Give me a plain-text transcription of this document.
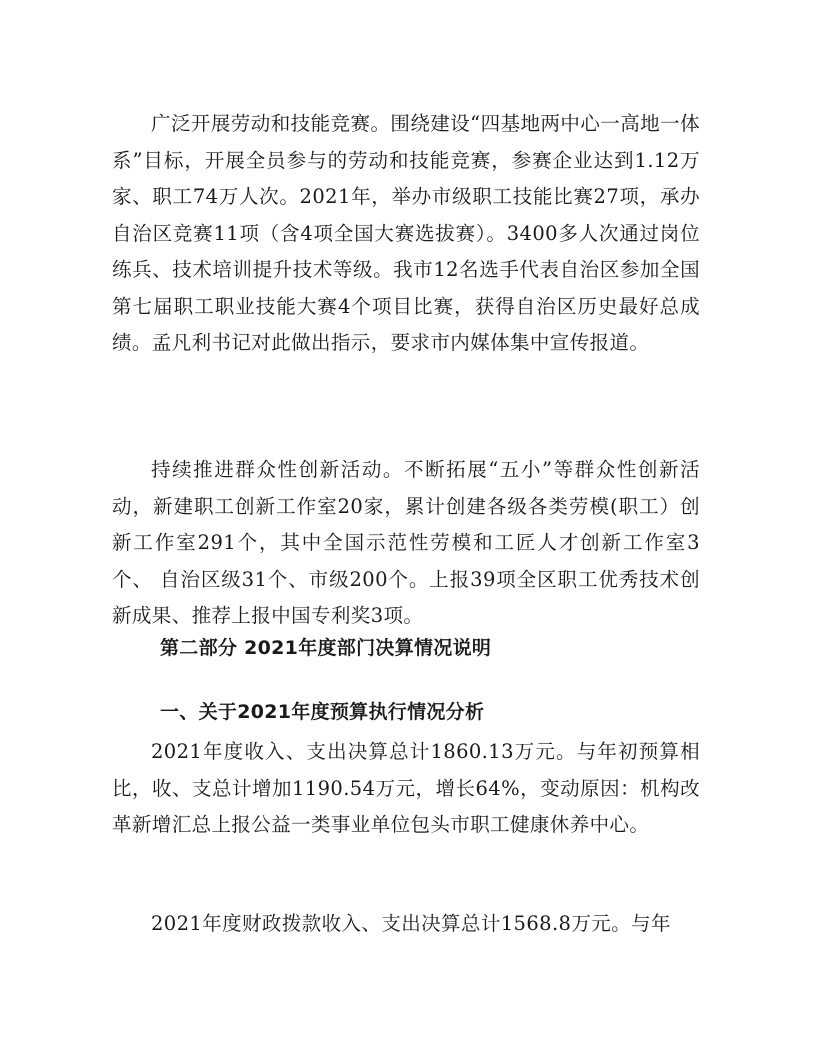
广泛开展劳动和技能竞赛。围绕建设“四基地两中心一高地一体系”目标，开展全员参与的劳动和技能竞赛，参赛企业达到1.12万家、职工74万人次。2021年，举办市级职工技能比赛27项，承办自治区竞赛11项（含4项全国大赛选拔赛）。3400多人次通过岗位练兵、技术培训提升技术等级。我市12名选手代表自治区参加全国第七届职工职业技能大赛4个项目比赛，获得自治区历史最好总成绩。孟凡利书记对此做出指示，要求市内媒体集中宣传报道。

持续推进群众性创新活动。不断拓展“五小”等群众性创新活动，新建职工创新工作室20家，累计创建各级各类劳模(职工）创新工作室291个，其中全国示范性劳模和工匠人才创新工作室3个、 自治区级31个、市级200个。上报39项全区职工优秀技术创新成果、推荐上报中国专利奖3项。

第二部分 2021年度部门决算情况说明
一、关于2021年度预算执行情况分析

2021年度收入、支出决算总计1860.13万元。与年初预算相比，收、支总计增加1190.54万元，增长64%，变动原因：机构改革新增汇总上报公益一类事业单位包头市职工健康休养中心。

2021年度财政拨款收入、支出决算总计1568.8万元。与年
